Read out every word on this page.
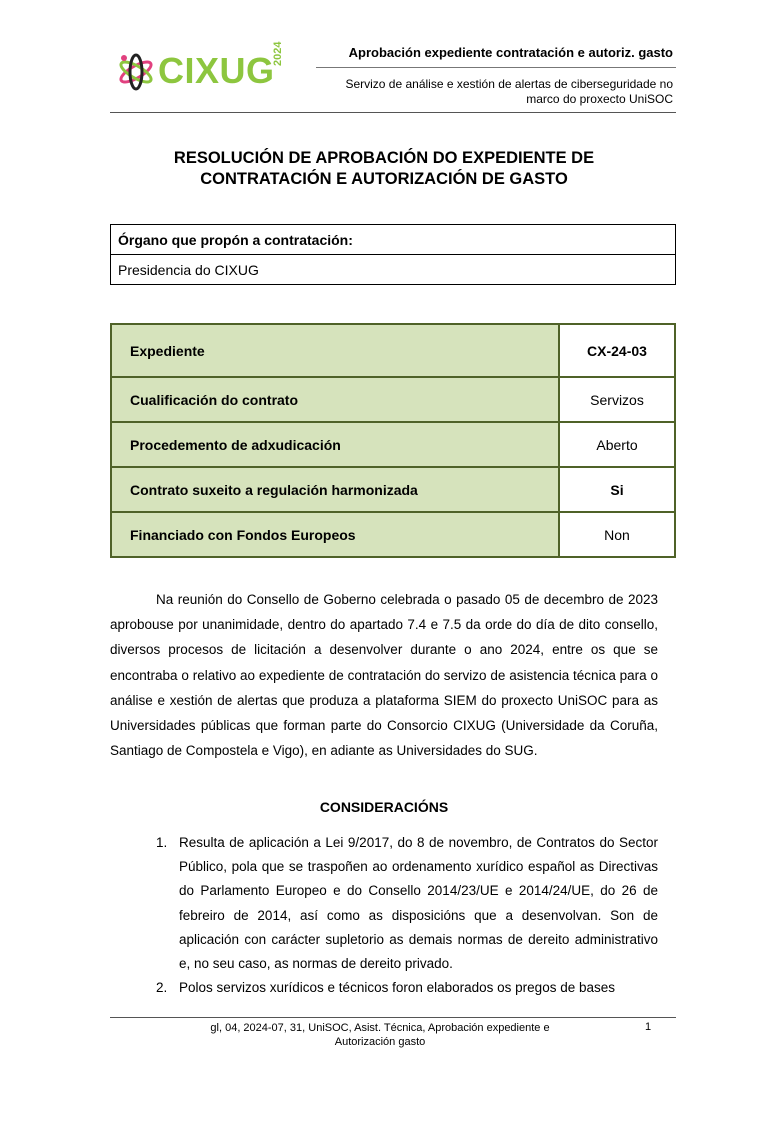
CIXUG
2024	Aprobación expediente contratación e autoriz. gasto
Servizo de análise e xestión de alertas de ciberseguridade no
marco do proxecto UniSOC
RESOLUCIÓN DE APROBACIÓN DO EXPEDIENTE DE
CONTRATACIÓN E AUTORIZACIÓN DE GASTO
Órgano que propón a contratación:
Presidencia do CIXUG
Expediente	CX-24-03
Cualificación do contrato	Servizos
Procedemento de adxudicación	Aberto
Contrato suxeito a regulación harmonizada	Si
Financiado con Fondos Europeos	Non
Na reunión do Consello de Goberno celebrada o pasado 05 de decembro de 2023 aprobouse por unanimidade, dentro do apartado 7.4 e 7.5 da orde do día de dito consello, diversos procesos de licitación a desenvolver durante o ano 2024, entre os que se encontraba o relativo ao expediente de contratación do servizo de asistencia técnica para o análise e xestión de alertas que produza a plataforma SIEM do proxecto UniSOC para as Universidades públicas que forman parte do Consorcio CIXUG (Universidade da Coruña, Santiago de Compostela e Vigo), en adiante as Universidades do SUG.
CONSIDERACIÓNS
1. Resulta de aplicación a Lei 9/2017, do 8 de novembro, de Contratos do Sector Público, pola que se traspoñen ao ordenamento xurídico español as Directivas do Parlamento Europeo e do Consello 2014/23/UE e 2014/24/UE, do 26 de febreiro de 2014, así como as disposicións que a desenvolvan. Son de aplicación con carácter supletorio as demais normas de dereito administrativo e, no seu caso, as normas de dereito privado.
2. Polos servizos xurídicos e técnicos foron elaborados os pregos de bases
gl, 04, 2024-07, 31, UniSOC, Asist. Técnica, Aprobación expediente e
Autorización gasto
1
